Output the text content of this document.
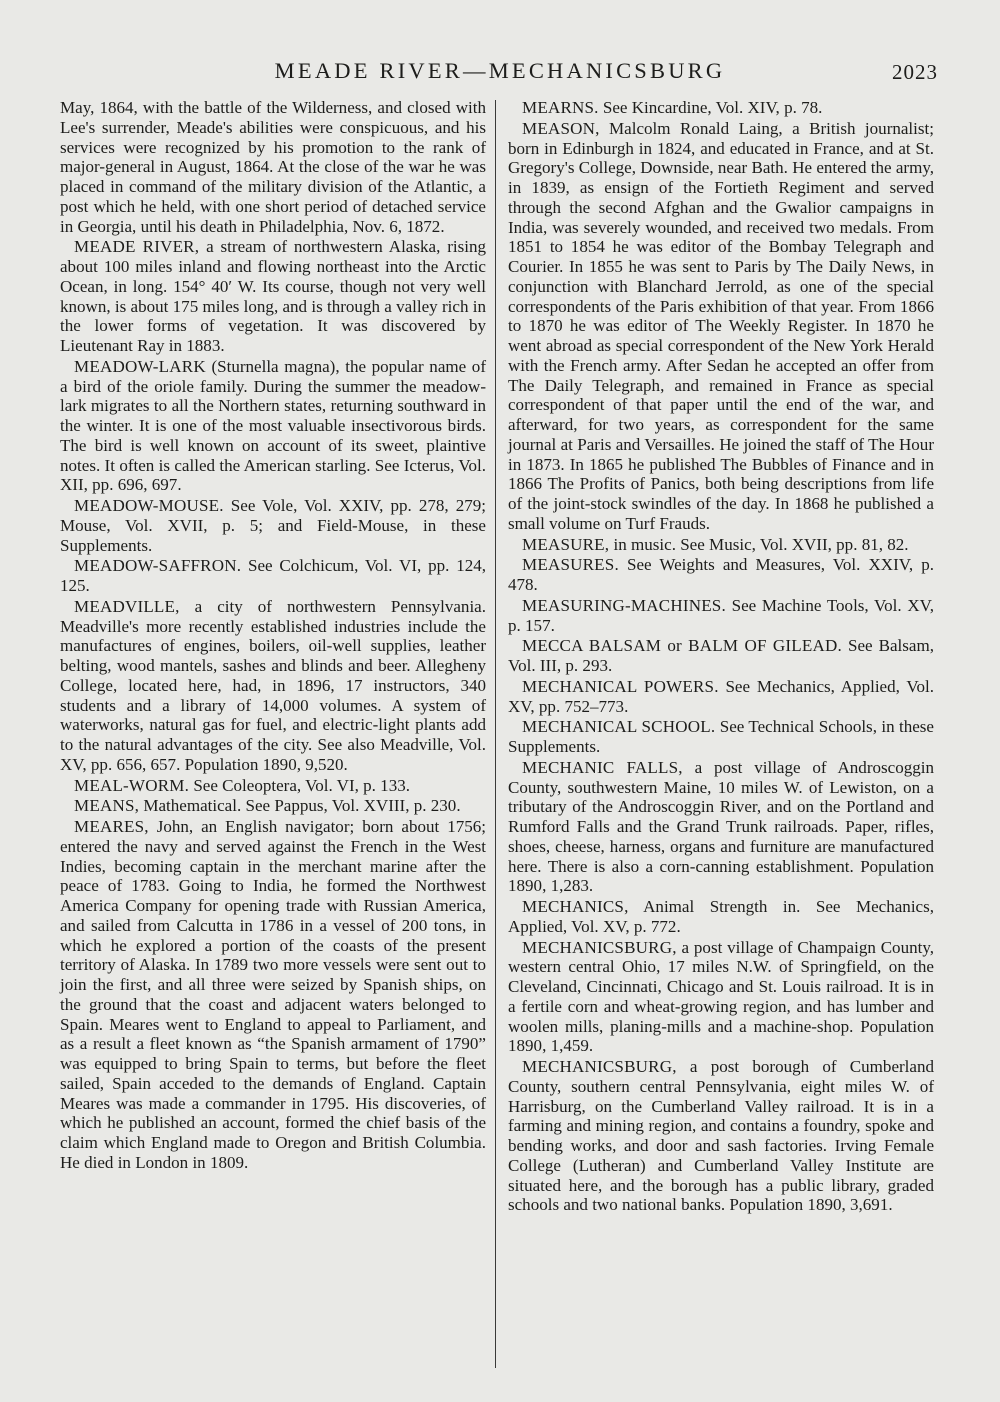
MEADE RIVER—MECHANICSBURG	2023

May, 1864, with the battle of the Wilderness, and closed with Lee's surrender, Meade's abilities were conspicuous, and his services were recognized by his promotion to the rank of major-general in August, 1864. At the close of the war he was placed in command of the military division of the Atlantic, a post which he held, with one short period of detached service in Georgia, until his death in Philadelphia, Nov. 6, 1872.

MEADE RIVER, a stream of northwestern Alaska, rising about 100 miles inland and flowing northeast into the Arctic Ocean, in long. 154° 40′ W. Its course, though not very well known, is about 175 miles long, and is through a valley rich in the lower forms of vegetation. It was discovered by Lieutenant Ray in 1883.

MEADOW-LARK (Sturnella magna), the popular name of a bird of the oriole family. During the summer the meadow-lark migrates to all the Northern states, returning southward in the winter. It is one of the most valuable insectivorous birds. The bird is well known on account of its sweet, plaintive notes. It often is called the American starling. See Icterus, Vol. XII, pp. 696, 697.

MEADOW-MOUSE. See Vole, Vol. XXIV, pp. 278, 279; Mouse, Vol. XVII, p. 5; and Field-Mouse, in these Supplements.

MEADOW-SAFFRON. See Colchicum, Vol. VI, pp. 124, 125.

MEADVILLE, a city of northwestern Pennsylvania. Meadville's more recently established industries include the manufactures of engines, boilers, oil-well supplies, leather belting, wood mantels, sashes and blinds and beer. Allegheny College, located here, had, in 1896, 17 instructors, 340 students and a library of 14,000 volumes. A system of waterworks, natural gas for fuel, and electric-light plants add to the natural advantages of the city. See also Meadville, Vol. XV, pp. 656, 657. Population 1890, 9,520.

MEAL-WORM. See Coleoptera, Vol. VI, p. 133.

MEANS, Mathematical. See Pappus, Vol. XVIII, p. 230.

MEARES, John, an English navigator; born about 1756; entered the navy and served against the French in the West Indies, becoming captain in the merchant marine after the peace of 1783. Going to India, he formed the Northwest America Company for opening trade with Russian America, and sailed from Calcutta in 1786 in a vessel of 200 tons, in which he explored a portion of the coasts of the present territory of Alaska. In 1789 two more vessels were sent out to join the first, and all three were seized by Spanish ships, on the ground that the coast and adjacent waters belonged to Spain. Meares went to England to appeal to Parliament, and as a result a fleet known as “the Spanish armament of 1790” was equipped to bring Spain to terms, but before the fleet sailed, Spain acceded to the demands of England. Captain Meares was made a commander in 1795. His discoveries, of which he published an account, formed the chief basis of the claim which England made to Oregon and British Columbia. He died in London in 1809.

MEARNS. See Kincardine, Vol. XIV, p. 78.

MEASON, Malcolm Ronald Laing, a British journalist; born in Edinburgh in 1824, and educated in France, and at St. Gregory's College, Downside, near Bath. He entered the army, in 1839, as ensign of the Fortieth Regiment and served through the second Afghan and the Gwalior campaigns in India, was severely wounded, and received two medals. From 1851 to 1854 he was editor of the Bombay Telegraph and Courier. In 1855 he was sent to Paris by The Daily News, in conjunction with Blanchard Jerrold, as one of the special correspondents of the Paris exhibition of that year. From 1866 to 1870 he was editor of The Weekly Register. In 1870 he went abroad as special correspondent of the New York Herald with the French army. After Sedan he accepted an offer from The Daily Telegraph, and remained in France as special correspondent of that paper until the end of the war, and afterward, for two years, as correspondent for the same journal at Paris and Versailles. He joined the staff of The Hour in 1873. In 1865 he published The Bubbles of Finance and in 1866 The Profits of Panics, both being descriptions from life of the joint-stock swindles of the day. In 1868 he published a small volume on Turf Frauds.

MEASURE, in music. See Music, Vol. XVII, pp. 81, 82.

MEASURES. See Weights and Measures, Vol. XXIV, p. 478.

MEASURING-MACHINES. See Machine Tools, Vol. XV, p. 157.

MECCA BALSAM or BALM OF GILEAD. See Balsam, Vol. III, p. 293.

MECHANICAL POWERS. See Mechanics, Applied, Vol. XV, pp. 752–773.

MECHANICAL SCHOOL. See Technical Schools, in these Supplements.

MECHANIC FALLS, a post village of Androscoggin County, southwestern Maine, 10 miles W. of Lewiston, on a tributary of the Androscoggin River, and on the Portland and Rumford Falls and the Grand Trunk railroads. Paper, rifles, shoes, cheese, harness, organs and furniture are manufactured here. There is also a corn-canning establishment. Population 1890, 1,283.

MECHANICS, Animal Strength in. See Mechanics, Applied, Vol. XV, p. 772.

MECHANICSBURG, a post village of Champaign County, western central Ohio, 17 miles N.W. of Springfield, on the Cleveland, Cincinnati, Chicago and St. Louis railroad. It is in a fertile corn and wheat-growing region, and has lumber and woolen mills, planing-mills and a machine-shop. Population 1890, 1,459.

MECHANICSBURG, a post borough of Cumberland County, southern central Pennsylvania, eight miles W. of Harrisburg, on the Cumberland Valley railroad. It is in a farming and mining region, and contains a foundry, spoke and bending works, and door and sash factories. Irving Female College (Lutheran) and Cumberland Valley Institute are situated here, and the borough has a public library, graded schools and two national banks. Population 1890, 3,691.
